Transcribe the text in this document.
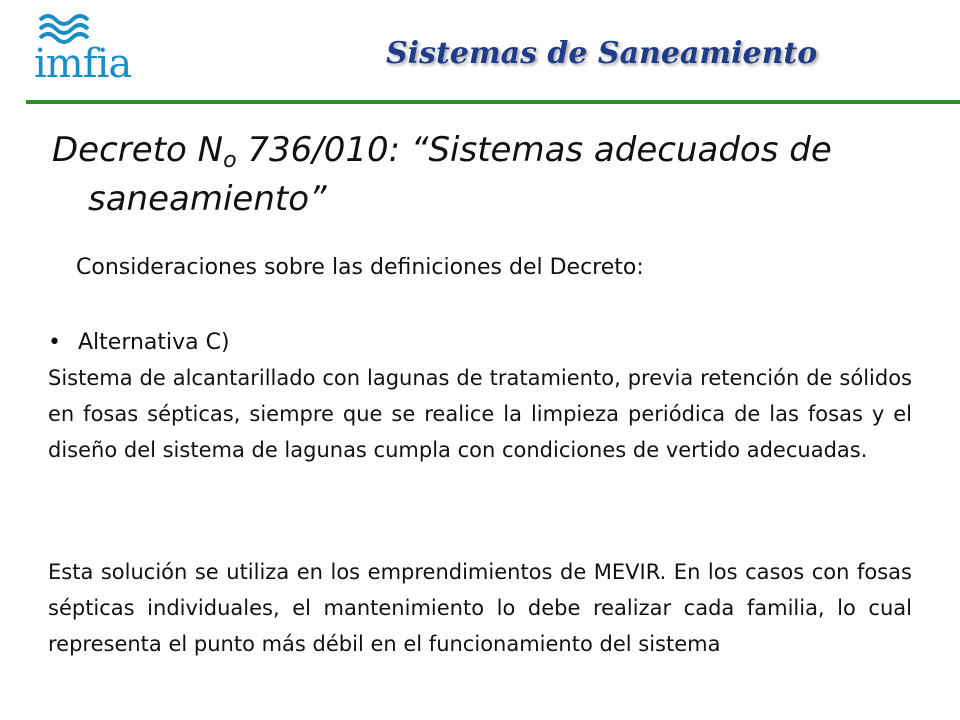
imfia	Sistemas de Saneamiento
Decreto $N_o$ 736/010: “Sistemas adecuados de
saneamiento”
Consideraciones sobre las definiciones del Decreto:
• Alternativa C)
Sistema de alcantarillado con lagunas de tratamiento, previa retención de sólidos en fosas sépticas, siempre que se realice la limpieza periódica de las fosas y el diseño del sistema de lagunas cumpla con condiciones de vertido adecuadas.
Esta solución se utiliza en los emprendimientos de MEVIR. En los casos con fosas sépticas individuales, el mantenimiento lo debe realizar cada familia, lo cual representa el punto más débil en el funcionamiento del sistema
